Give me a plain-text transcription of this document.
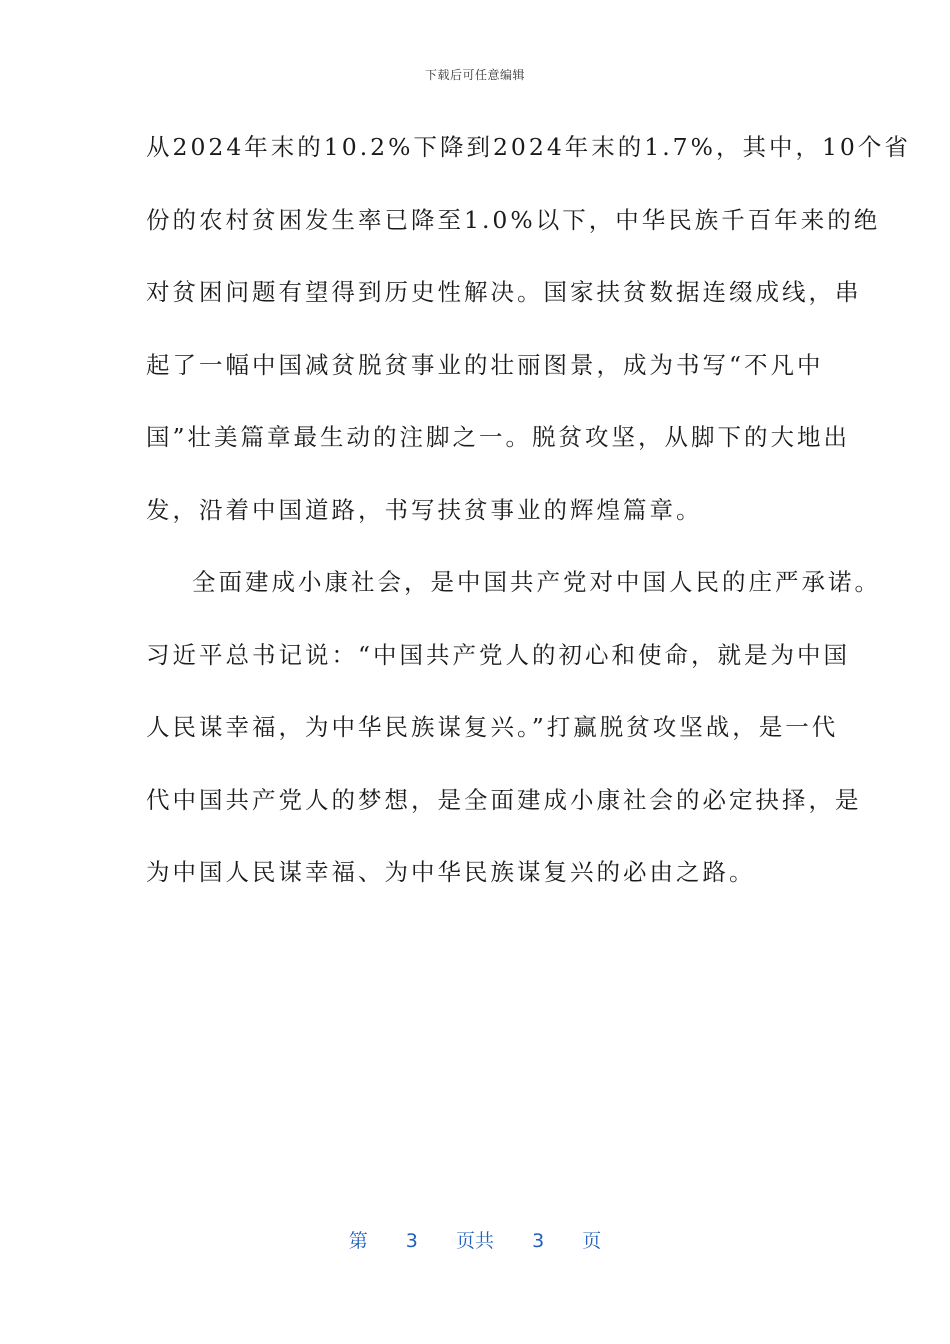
下载后可任意编辑
从2024年末的10.2%下降到2024年末的1.7%，其中，10个省
份的农村贫困发生率已降至1.0%以下，中华民族千百年来的绝
对贫困问题有望得到历史性解决。国家扶贫数据连缀成线，串
起了一幅中国减贫脱贫事业的壮丽图景，成为书写“不凡中
国”壮美篇章最生动的注脚之一。脱贫攻坚，从脚下的大地出
发，沿着中国道路，书写扶贫事业的辉煌篇章。
全面建成小康社会，是中国共产党对中国人民的庄严承诺。
习近平总书记说：“中国共产党人的初心和使命，就是为中国
人民谋幸福，为中华民族谋复兴。”打赢脱贫攻坚战，是一代
代中国共产党人的梦想，是全面建成小康社会的必定抉择，是
为中国人民谋幸福、为中华民族谋复兴的必由之路。
第 3 页共 3 页
